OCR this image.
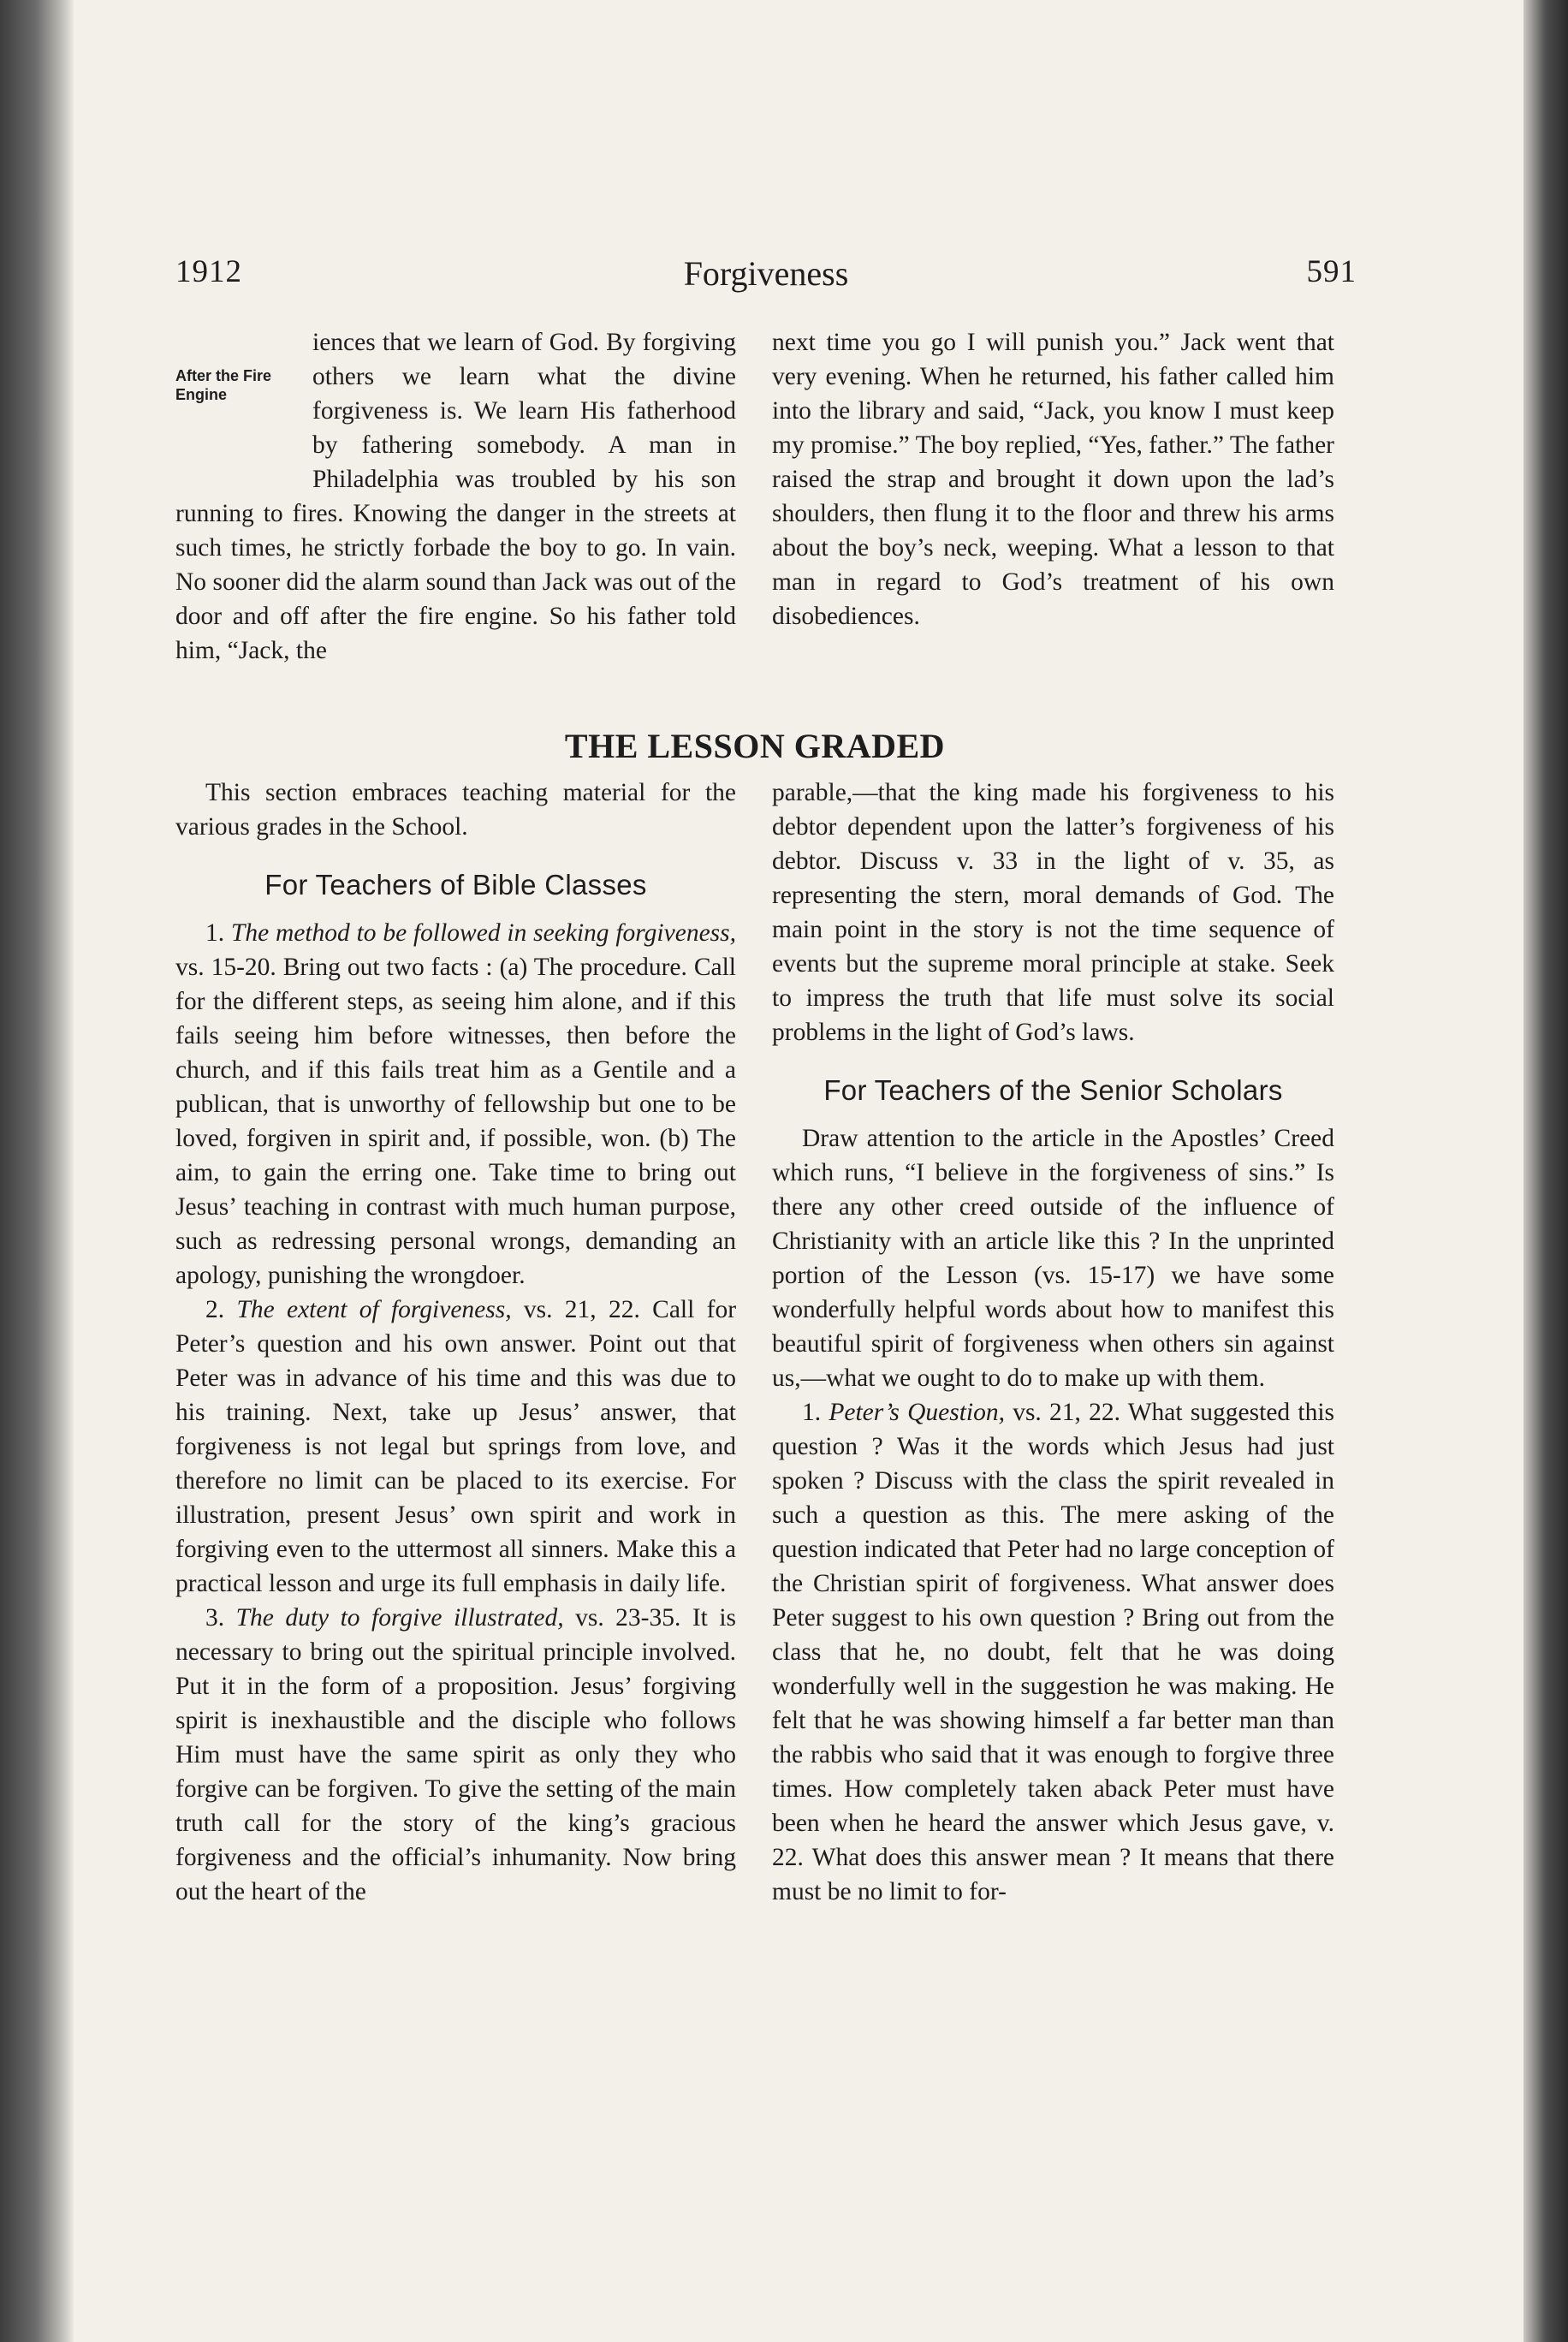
Forgiveness
1912	591
After the Fire
Engine

iences that we learn of God. By forgiving others we learn what the divine forgiveness is. We learn His fatherhood by fathering somebody. A man in Philadelphia was troubled by his son running to fires. Knowing the danger in the streets at such times, he strictly forbade the boy to go. In vain. No sooner did the alarm sound than Jack was out of the door and off after the fire engine. So his father told him, “Jack, the

next time you go I will punish you.” Jack went that very evening. When he returned, his father called him into the library and said, “Jack, you know I must keep my promise.” The boy replied, “Yes, father.” The father raised the strap and brought it down upon the lad’s shoulders, then flung it to the floor and threw his arms about the boy’s neck, weeping. What a lesson to that man in regard to God’s treatment of his own disobediences.

THE LESSON GRADED

This section embraces teaching material for the various grades in the School.

For Teachers of Bible Classes

1. The method to be followed in seeking forgiveness, vs. 15-20. Bring out two facts : (a) The procedure. Call for the different steps, as seeing him alone, and if this fails seeing him before witnesses, then before the church, and if this fails treat him as a Gentile and a publican, that is unworthy of fellowship but one to be loved, forgiven in spirit and, if possible, won. (b) The aim, to gain the erring one. Take time to bring out Jesus’ teaching in contrast with much human purpose, such as redressing personal wrongs, demanding an apology, punishing the wrongdoer.

2. The extent of forgiveness, vs. 21, 22. Call for Peter’s question and his own answer. Point out that Peter was in advance of his time and this was due to his training. Next, take up Jesus’ answer, that forgiveness is not legal but springs from love, and therefore no limit can be placed to its exercise. For illustration, present Jesus’ own spirit and work in forgiving even to the uttermost all sinners. Make this a practical lesson and urge its full emphasis in daily life.

3. The duty to forgive illustrated, vs. 23-35. It is necessary to bring out the spiritual principle involved. Put it in the form of a proposition. Jesus’ forgiving spirit is inexhaustible and the disciple who follows Him must have the same spirit as only they who forgive can be forgiven. To give the setting of the main truth call for the story of the king’s gracious forgiveness and the official’s inhumanity. Now bring out the heart of the

parable,—that the king made his forgiveness to his debtor dependent upon the latter’s forgiveness of his debtor. Discuss v. 33 in the light of v. 35, as representing the stern, moral demands of God. The main point in the story is not the time sequence of events but the supreme moral principle at stake. Seek to impress the truth that life must solve its social problems in the light of God’s laws.

For Teachers of the Senior Scholars

Draw attention to the article in the Apostles’ Creed which runs, “I believe in the forgiveness of sins.” Is there any other creed outside of the influence of Christianity with an article like this ? In the unprinted portion of the Lesson (vs. 15-17) we have some wonderfully helpful words about how to manifest this beautiful spirit of forgiveness when others sin against us,—what we ought to do to make up with them.

1. Peter’s Question, vs. 21, 22. What suggested this question ? Was it the words which Jesus had just spoken ? Discuss with the class the spirit revealed in such a question as this. The mere asking of the question indicated that Peter had no large conception of the Christian spirit of forgiveness. What answer does Peter suggest to his own question ? Bring out from the class that he, no doubt, felt that he was doing wonderfully well in the suggestion he was making. He felt that he was showing himself a far better man than the rabbis who said that it was enough to forgive three times. How completely taken aback Peter must have been when he heard the answer which Jesus gave, v. 22. What does this answer mean ? It means that there must be no limit to for-
